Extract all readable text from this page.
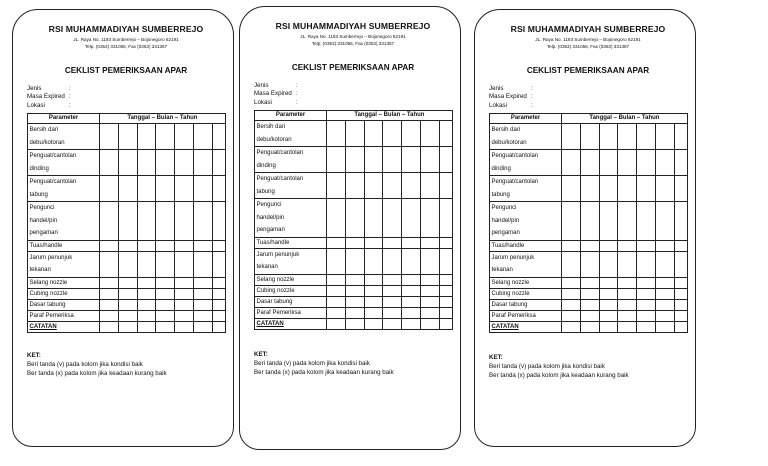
RSI MUHAMMADIYAH SUMBERREJO
JL. Raya No. 1193 Sumberrejo – Bojonegoro 62191
Telp. (0353) 331056, Fax (0353) 331367
CEKLIST PEMERIKSAAN APAR
Jenis	:
Masa Expired :
Lokasi	:
Parameter	Tanggal – Bulan – Tahun						
Bersih dari
debu/kotoran							
Penguat/cantolan
dinding							
Penguat/cantolan
tabung							
Pengunci
handel/pin
pengaman							
Tuas/handle							
Jarum penunjuk
tekanan							
Selang nozzle							
Cubing nozzle							
Dasar tabung							
Paraf Pemeriksa							
CATATAN							
KET:
Beri tanda (v) pada kolom jika kondisi baik
Ber tanda (x) pada kolom jika keadaan kurang baik
RSI MUHAMMADIYAH SUMBERREJO
JL. Raya No. 1193 Sumberrejo – Bojonegoro 62191
Telp. (0353) 331056, Fax (0353) 331367
CEKLIST PEMERIKSAAN APAR
Jenis	:
Masa Expired :
Lokasi	:
Parameter	Tanggal – Bulan – Tahun						
Bersih dari
debu/kotoran							
Penguat/cantolan
dinding							
Penguat/cantolan
tabung							
Pengunci
handel/pin
pengaman							
Tuas/handle							
Jarum penunjuk
tekanan							
Selang nozzle							
Cubing nozzle							
Dasar tabung							
Paraf Pemeriksa							
CATATAN							
KET:
Beri tanda (v) pada kolom jika kondisi baik
Ber tanda (x) pada kolom jika keadaan kurang baik
RSI MUHAMMADIYAH SUMBERREJO
JL. Raya No. 1193 Sumberrejo – Bojonegoro 62191
Telp. (0353) 331056, Fax (0353) 331367
CEKLIST PEMERIKSAAN APAR
Jenis	:
Masa Expired :
Lokasi	:
Parameter	Tanggal – Bulan – Tahun						
Bersih dari
debu/kotoran							
Penguat/cantolan
dinding							
Penguat/cantolan
tabung							
Pengunci
handel/pin
pengaman							
Tuas/handle							
Jarum penunjuk
tekanan							
Selang nozzle							
Cubing nozzle							
Dasar tabung							
Paraf Pemeriksa							
CATATAN							
KET:
Beri tanda (v) pada kolom jika kondisi baik
Ber tanda (x) pada kolom jika keadaan kurang baik
